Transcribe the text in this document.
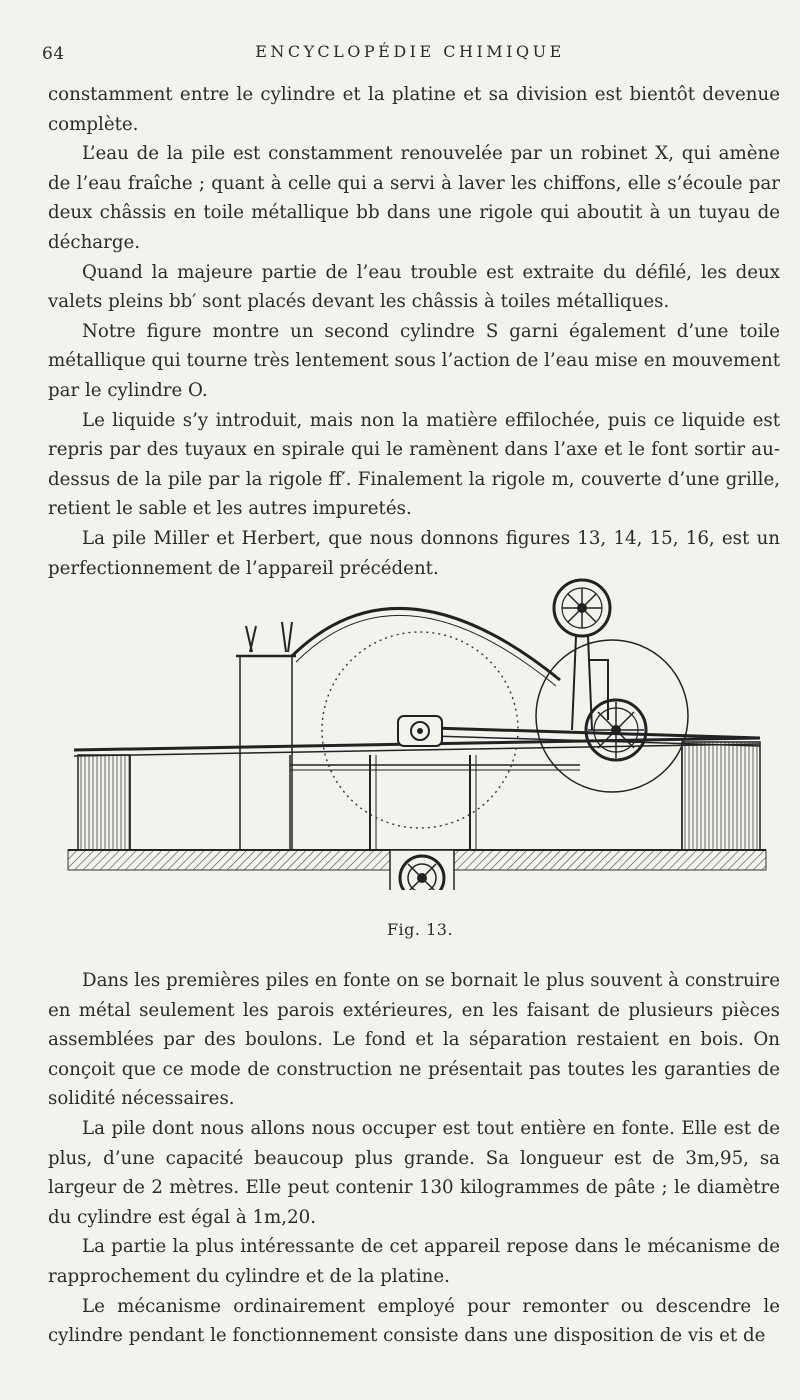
64	ENCYCLOPÉDIE CHIMIQUE

constamment entre le cylindre et la platine et sa division est bientôt devenue complète.

L’eau de la pile est constamment renouvelée par un robinet X, qui amène de l’eau fraîche ; quant à celle qui a servi à laver les chiffons, elle s’écoule par deux châssis en toile métallique bb dans une rigole qui aboutit à un tuyau de décharge.

Quand la majeure partie de l’eau trouble est extraite du défilé, les deux valets pleins bb′ sont placés devant les châssis à toiles métalliques.

Notre figure montre un second cylindre S garni également d’une toile métallique qui tourne très lentement sous l’action de l’eau mise en mouvement par le cylindre O.

Le liquide s’y introduit, mais non la matière effilochée, puis ce liquide est repris par des tuyaux en spirale qui le ramènent dans l’axe et le font sortir au-dessus de la pile par la rigole ff′. Finalement la rigole m, couverte d’une grille, retient le sable et les autres impuretés.

La pile Miller et Herbert, que nous donnons figures 13, 14, 15, 16, est un perfectionnement de l’appareil précédent.

Fig. 13.

Dans les premières piles en fonte on se bornait le plus souvent à construire en métal seulement les parois extérieures, en les faisant de plusieurs pièces assemblées par des boulons. Le fond et la séparation restaient en bois. On conçoit que ce mode de construction ne présentait pas toutes les garanties de solidité nécessaires.

La pile dont nous allons nous occuper est tout entière en fonte. Elle est de plus, d’une capacité beaucoup plus grande. Sa longueur est de 3m,95, sa largeur de 2 mètres. Elle peut contenir 130 kilogrammes de pâte ; le diamètre du cylindre est égal à 1m,20.

La partie la plus intéressante de cet appareil repose dans le mécanisme de rapprochement du cylindre et de la platine.

Le mécanisme ordinairement employé pour remonter ou descendre le cylindre pendant le fonctionnement consiste dans une disposition de vis et de
